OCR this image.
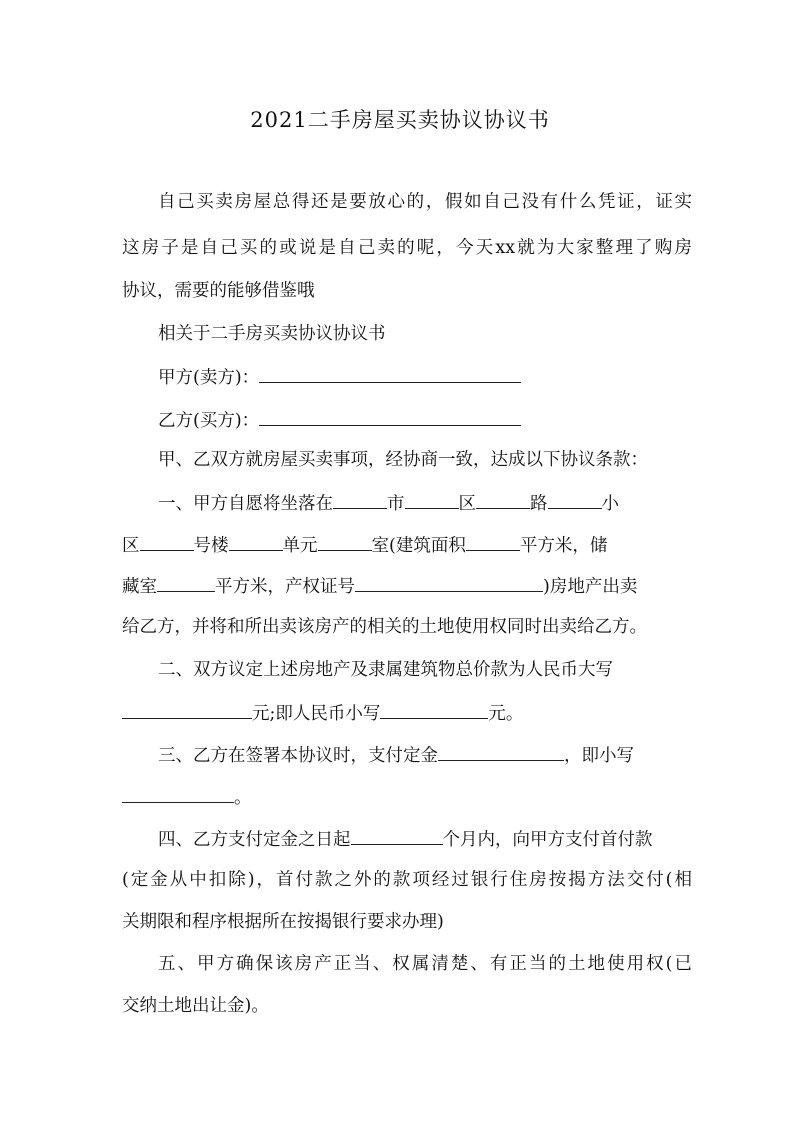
2021二手房屋买卖协议协议书
自己买卖房屋总得还是要放心的，假如自己没有什么凭证，证实
这房子是自己买的或说是自己卖的呢，今天xx就为大家整理了购房
协议，需要的能够借鉴哦
相关于二手房买卖协议协议书
甲方(卖方)：
乙方(买方)：
甲、乙双方就房屋买卖事项，经协商一致，达成以下协议条款：
一、甲方自愿将坐落在	市	区	路	小
区	号楼	单元	室(建筑面积	平方米，储
藏室	平方米，产权证号	)房地产出卖
给乙方，并将和所出卖该房产的相关的土地使用权同时出卖给乙方。
二、双方议定上述房地产及隶属建筑物总价款为人民币大写
元;即人民币小写	元。
三、乙方在签署本协议时，支付定金	，即小写
。
四、乙方支付定金之日起	个月内，向甲方支付首付款
(定金从中扣除)，首付款之外的款项经过银行住房按揭方法交付(相
关期限和程序根据所在按揭银行要求办理)
五、甲方确保该房产正当、权属清楚、有正当的土地使用权(已
交纳土地出让金)。
